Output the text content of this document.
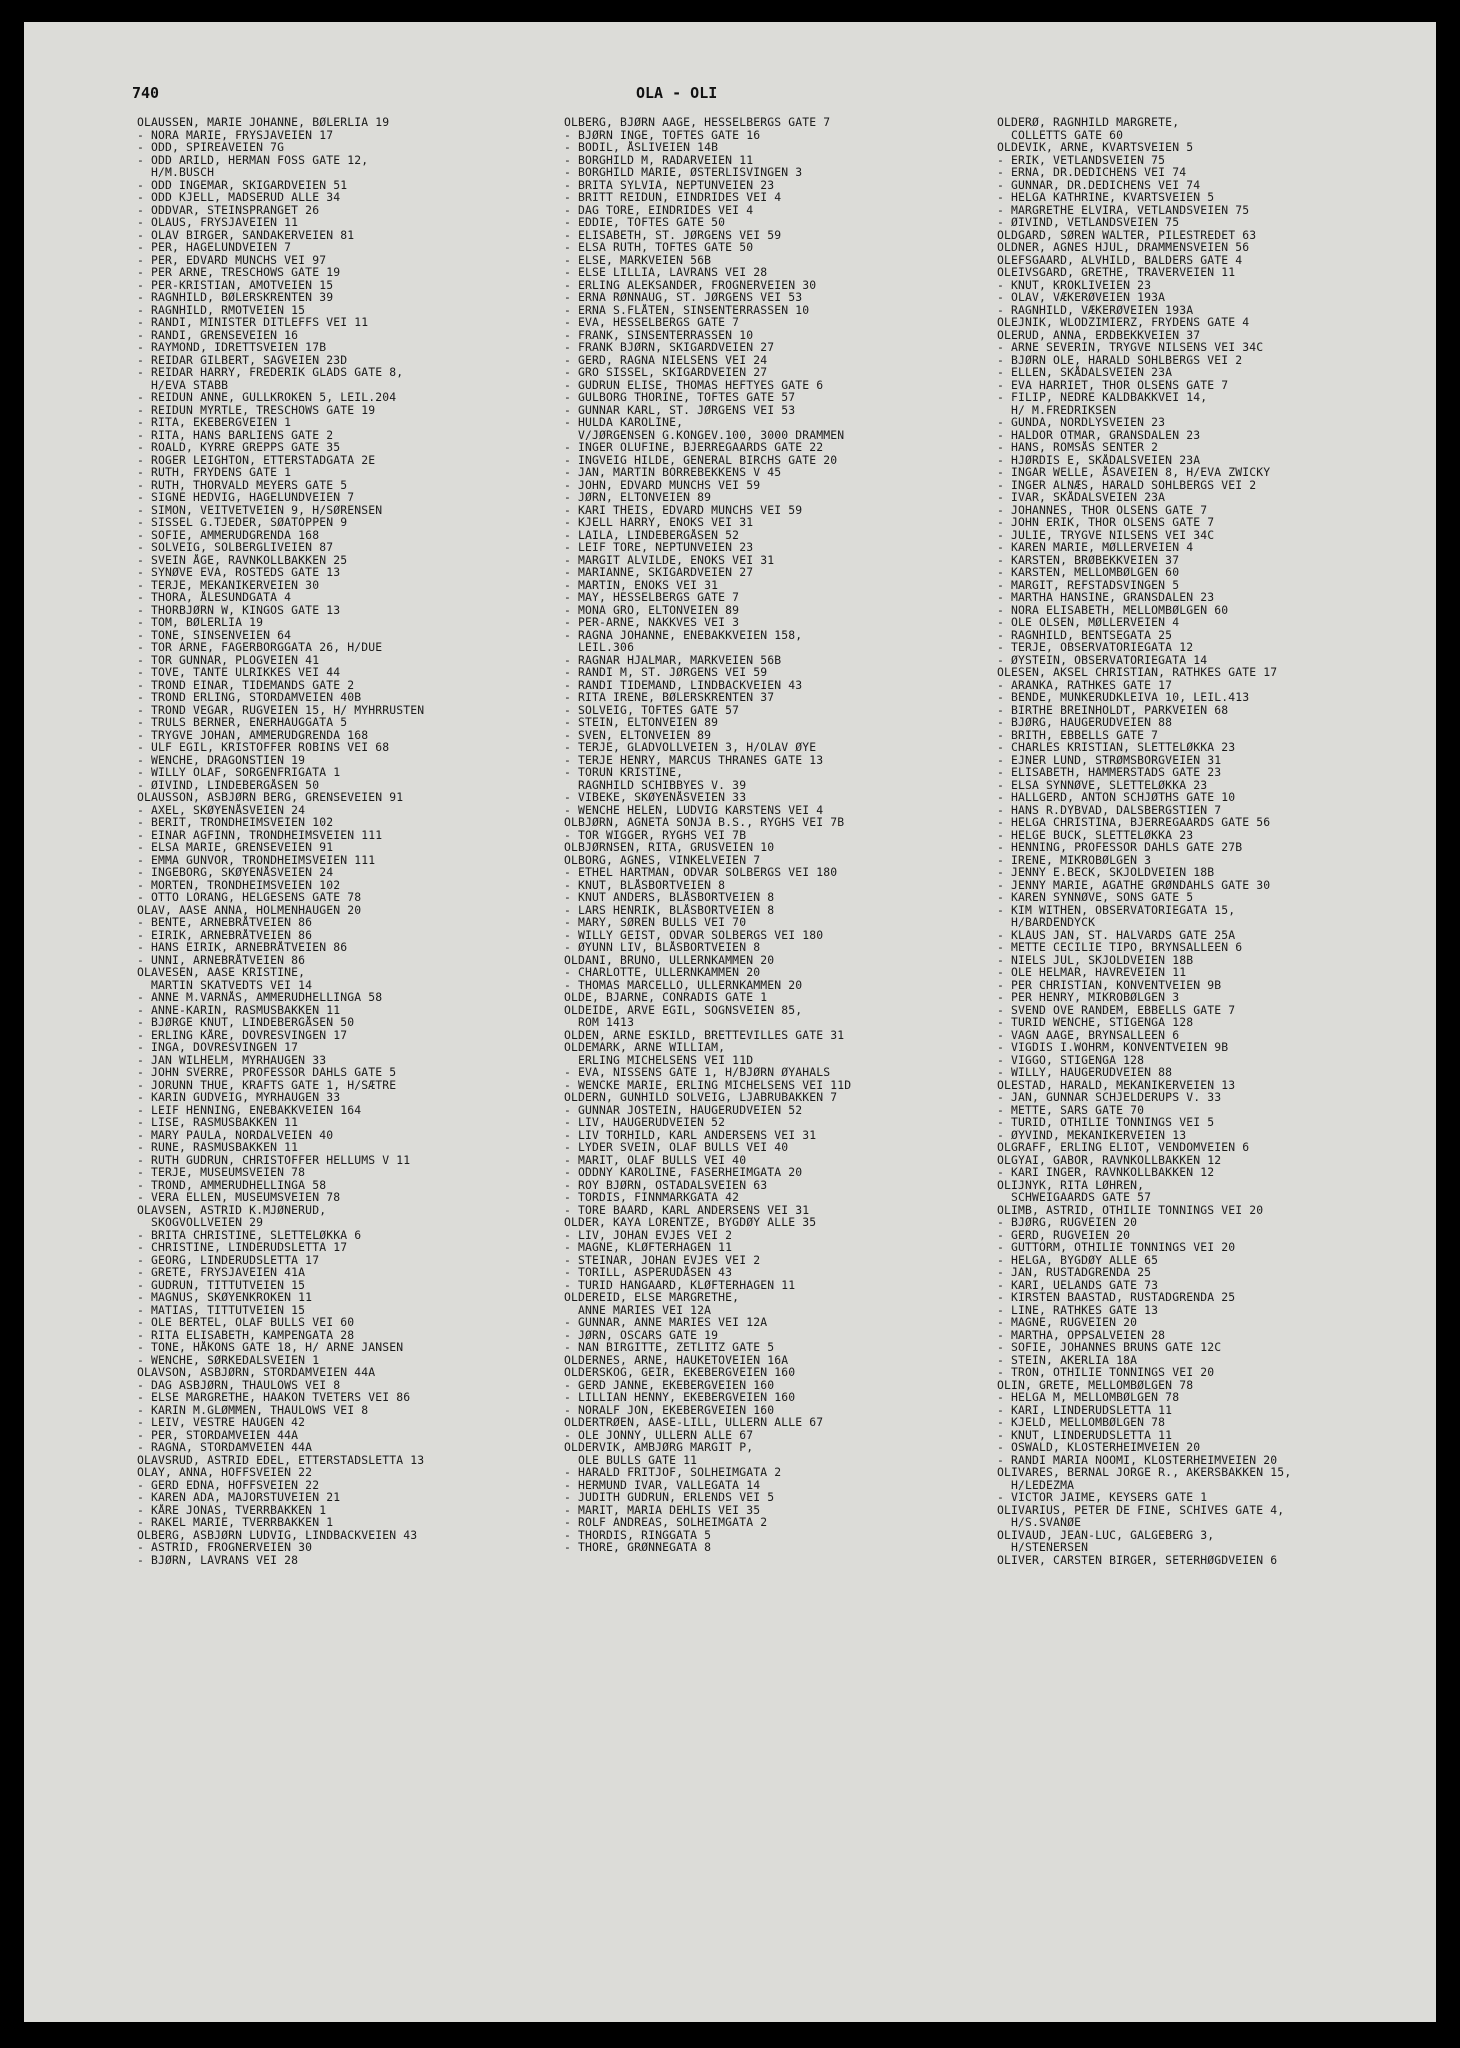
740	OLA - OLI
OLAUSSEN, MARIE JOHANNE, BØLERLIA 19
- NORA MARIE, FRYSJAVEIEN 17
- ODD, SPIREAVEIEN 7G
- ODD ARILD, HERMAN FOSS GATE 12,
H/M.BUSCH
- ODD INGEMAR, SKIGARDVEIEN 51
- ODD KJELL, MADSERUD ALLE 34
- ODDVAR, STEINSPRANGET 26
- OLAUS, FRYSJAVEIEN 11
- OLAV BIRGER, SANDAKERVEIEN 81
- PER, HAGELUNDVEIEN 7
- PER, EDVARD MUNCHS VEI 97
- PER ARNE, TRESCHOWS GATE 19
- PER-KRISTIAN, AMOTVEIEN 15
- RAGNHILD, BØLERSKRENTEN 39
- RAGNHILD, RMOTVEIEN 15
- RANDI, MINISTER DITLEFFS VEI 11
- RANDI, GRENSEVEIEN 16
- RAYMOND, IDRETTSVEIEN 17B
- REIDAR GILBERT, SAGVEIEN 23D
- REIDAR HARRY, FREDERIK GLADS GATE 8,
H/EVA STABB
- REIDUN ANNE, GULLKROKEN 5, LEIL.204
- REIDUN MYRTLE, TRESCHOWS GATE 19
- RITA, EKEBERGVEIEN 1
- RITA, HANS BARLIENS GATE 2
- ROALD, KYRRE GREPPS GATE 35
- ROGER LEIGHTON, ETTERSTADGATA 2E
- RUTH, FRYDENS GATE 1
- RUTH, THORVALD MEYERS GATE 5
- SIGNE HEDVIG, HAGELUNDVEIEN 7
- SIMON, VEITVETVEIEN 9, H/SØRENSEN
- SISSEL G.TJEDER, SØATOPPEN 9
- SOFIE, AMMERUDGRENDA 168
- SOLVEIG, SOLBERGLIVEIEN 87
- SVEIN ÅGE, RAVNKOLLBAKKEN 25
- SYNØVE EVA, ROSTEDS GATE 13
- TERJE, MEKANIKERVEIEN 30
- THORA, ÅLESUNDGATA 4
- THORBJØRN W, KINGOS GATE 13
- TOM, BØLERLIA 19
- TONE, SINSENVEIEN 64
- TOR ARNE, FAGERBORGGATA 26, H/DUE
- TOR GUNNAR, PLOGVEIEN 41
- TOVE, TANTE ULRIKKES VEI 44
- TROND EINAR, TIDEMANDS GATE 2
- TROND ERLING, STORDAMVEIEN 40B
- TROND VEGAR, RUGVEIEN 15, H/ MYHRRUSTEN
- TRULS BERNER, ENERHAUGGATA 5
- TRYGVE JOHAN, AMMERUDGRENDA 168
- ULF EGIL, KRISTOFFER ROBINS VEI 68
- WENCHE, DRAGONSTIEN 19
- WILLY OLAF, SORGENFRIGATA 1
- ØIVIND, LINDEBERGÅSEN 50
OLAUSSON, ASBJØRN BERG, GRENSEVEIEN 91
- AXEL, SKØYENÅSVEIEN 24
- BERIT, TRONDHEIMSVEIEN 102
- EINAR AGFINN, TRONDHEIMSVEIEN 111
- ELSA MARIE, GRENSEVEIEN 91
- EMMA GUNVOR, TRONDHEIMSVEIEN 111
- INGEBORG, SKØYENÅSVEIEN 24
- MORTEN, TRONDHEIMSVEIEN 102
- OTTO LORANG, HELGESENS GATE 78
OLAV, AASE ANNA, HOLMENHAUGEN 20
- BENTE, ARNEBRÅTVEIEN 86
- EIRIK, ARNEBRÅTVEIEN 86
- HANS EIRIK, ARNEBRÅTVEIEN 86
- UNNI, ARNEBRÅTVEIEN 86
OLAVESEN, AASE KRISTINE,
MARTIN SKATVEDTS VEI 14
- ANNE M.VARNÅS, AMMERUDHELLINGA 58
- ANNE-KARIN, RASMUSBAKKEN 11
- BJØRGE KNUT, LINDEBERGÅSEN 50
- ERLING KÅRE, DOVRESVINGEN 17
- INGA, DOVRESVINGEN 17
- JAN WILHELM, MYRHAUGEN 33
- JOHN SVERRE, PROFESSOR DAHLS GATE 5
- JORUNN THUE, KRAFTS GATE 1, H/SÆTRE
- KARIN GUDVEIG, MYRHAUGEN 33
- LEIF HENNING, ENEBAKKVEIEN 164
- LISE, RASMUSBAKKEN 11
- MARY PAULA, NORDALVEIEN 40
- RUNE, RASMUSBAKKEN 11
- RUTH GUDRUN, CHRISTOFFER HELLUMS V 11
- TERJE, MUSEUMSVEIEN 78
- TROND, AMMERUDHELLINGA 58
- VERA ELLEN, MUSEUMSVEIEN 78
OLAVSEN, ASTRID K.MJØNERUD,
SKOGVOLLVEIEN 29
- BRITA CHRISTINE, SLETTELØKKA 6
- CHRISTINE, LINDERUDSLETTA 17
- GEORG, LINDERUDSLETTA 17
- GRETE, FRYSJAVEIEN 41A
- GUDRUN, TITTUTVEIEN 15
- MAGNUS, SKØYENKROKEN 11
- MATIAS, TITTUTVEIEN 15
- OLE BERTEL, OLAF BULLS VEI 60
- RITA ELISABETH, KAMPENGATA 28
- TONE, HÅKONS GATE 18, H/ ARNE JANSEN
- WENCHE, SØRKEDALSVEIEN 1
OLAVSON, ASBJØRN, STORDAMVEIEN 44A
- DAG ASBJØRN, THAULOWS VEI 8
- ELSE MARGRETHE, HAAKON TVETERS VEI 86
- KARIN M.GLØMMEN, THAULOWS VEI 8
- LEIV, VESTRE HAUGEN 42
- PER, STORDAMVEIEN 44A
- RAGNA, STORDAMVEIEN 44A
OLAVSRUD, ASTRID EDEL, ETTERSTADSLETTA 13
OLAY, ANNA, HOFFSVEIEN 22
- GERD EDNA, HOFFSVEIEN 22
- KAREN ADA, MAJORSTUVEIEN 21
- KÅRE JONAS, TVERRBAKKEN 1
- RAKEL MARIE, TVERRBAKKEN 1
OLBERG, ASBJØRN LUDVIG, LINDBACKVEIEN 43
- ASTRID, FROGNERVEIEN 30
- BJØRN, LAVRANS VEI 28
OLBERG, BJØRN AAGE, HESSELBERGS GATE 7
- BJØRN INGE, TOFTES GATE 16
- BODIL, ÅSLIVEIEN 14B
- BORGHILD M, RADARVEIEN 11
- BORGHILD MARIE, ØSTERLISVINGEN 3
- BRITA SYLVIA, NEPTUNVEIEN 23
- BRITT REIDUN, EINDRIDES VEI 4
- DAG TORE, EINDRIDES VEI 4
- EDDIE, TOFTES GATE 50
- ELISABETH, ST. JØRGENS VEI 59
- ELSA RUTH, TOFTES GATE 50
- ELSE, MARKVEIEN 56B
- ELSE LILLIA, LAVRANS VEI 28
- ERLING ALEKSANDER, FROGNERVEIEN 30
- ERNA RØNNAUG, ST. JØRGENS VEI 53
- ERNA S.FLÅTEN, SINSENTERRASSEN 10
- EVA, HESSELBERGS GATE 7
- FRANK, SINSENTERRASSEN 10
- FRANK BJØRN, SKIGARDVEIEN 27
- GERD, RAGNA NIELSENS VEI 24
- GRO SISSEL, SKIGARDVEIEN 27
- GUDRUN ELISE, THOMAS HEFTYES GATE 6
- GULBORG THORINE, TOFTES GATE 57
- GUNNAR KARL, ST. JØRGENS VEI 53
- HULDA KAROLINE,
V/JØRGENSEN G.KONGEV.100, 3000 DRAMMEN
- INGER OLUFINE, BJERREGAARDS GATE 22
- INGVEIG HILDE, GENERAL BIRCHS GATE 20
- JAN, MARTIN BORREBEKKENS V 45
- JOHN, EDVARD MUNCHS VEI 59
- JØRN, ELTONVEIEN 89
- KARI THEIS, EDVARD MUNCHS VEI 59
- KJELL HARRY, ENOKS VEI 31
- LAILA, LINDEBERGÅSEN 52
- LEIF TORE, NEPTUNVEIEN 23
- MARGIT ALVILDE, ENOKS VEI 31
- MARIANNE, SKIGARDVEIEN 27
- MARTIN, ENOKS VEI 31
- MAY, HESSELBERGS GATE 7
- MONA GRO, ELTONVEIEN 89
- PER-ARNE, NAKKVES VEI 3
- RAGNA JOHANNE, ENEBAKKVEIEN 158,
LEIL.306
- RAGNAR HJALMAR, MARKVEIEN 56B
- RANDI M, ST. JØRGENS VEI 59
- RANDI TIDEMAND, LINDBACKVEIEN 43
- RITA IRENE, BØLERSKRENTEN 37
- SOLVEIG, TOFTES GATE 57
- STEIN, ELTONVEIEN 89
- SVEN, ELTONVEIEN 89
- TERJE, GLADVOLLVEIEN 3, H/OLAV ØYE
- TERJE HENRY, MARCUS THRANES GATE 13
- TORUN KRISTINE,
RAGNHILD SCHIBBYES V. 39
- VIBEKE, SKØYENÅSVEIEN 33
- WENCHE HELEN, LUDVIG KARSTENS VEI 4
OLBJØRN, AGNETA SONJA B.S., RYGHS VEI 7B
- TOR WIGGER, RYGHS VEI 7B
OLBJØRNSEN, RITA, GRUSVEIEN 10
OLBORG, AGNES, VINKELVEIEN 7
- ETHEL HARTMAN, ODVAR SOLBERGS VEI 180
- KNUT, BLÅSBORTVEIEN 8
- KNUT ANDERS, BLÅSBORTVEIEN 8
- LARS HENRIK, BLÅSBORTVEIEN 8
- MARY, SØREN BULLS VEI 70
- WILLY GEIST, ODVAR SOLBERGS VEI 180
- ØYUNN LIV, BLÅSBORTVEIEN 8
OLDANI, BRUNO, ULLERNKAMMEN 20
- CHARLOTTE, ULLERNKAMMEN 20
- THOMAS MARCELLO, ULLERNKAMMEN 20
OLDE, BJARNE, CONRADIS GATE 1
OLDEIDE, ARVE EGIL, SOGNSVEIEN 85,
ROM 1413
OLDEN, ARNE ESKILD, BRETTEVILLES GATE 31
OLDEMARK, ARNE WILLIAM,
ERLING MICHELSENS VEI 11D
- EVA, NISSENS GATE 1, H/BJØRN ØYAHALS
- WENCKE MARIE, ERLING MICHELSENS VEI 11D
OLDERN, GUNHILD SOLVEIG, LJABRUBAKKEN 7
- GUNNAR JOSTEIN, HAUGERUDVEIEN 52
- LIV, HAUGERUDVEIEN 52
- LIV TORHILD, KARL ANDERSENS VEI 31
- LYDER SVEIN, OLAF BULLS VEI 40
- MARIT, OLAF BULLS VEI 40
- ODDNY KAROLINE, FASERHEIMGATA 20
- ROY BJØRN, OSTADALSVEIEN 63
- TORDIS, FINNMARKGATA 42
- TORE BAARD, KARL ANDERSENS VEI 31
OLDER, KAYA LORENTZE, BYGDØY ALLE 35
- LIV, JOHAN EVJES VEI 2
- MAGNE, KLØFTERHAGEN 11
- STEINAR, JOHAN EVJES VEI 2
- TORILL, ASPERUDÅSEN 43
- TURID HANGAARD, KLØFTERHAGEN 11
OLDEREID, ELSE MARGRETHE,
ANNE MARIES VEI 12A
- GUNNAR, ANNE MARIES VEI 12A
- JØRN, OSCARS GATE 19
- NAN BIRGITTE, ZETLITZ GATE 5
OLDERNES, ARNE, HAUKETOVEIEN 16A
OLDERSKOG, GEIR, EKEBERGVEIEN 160
- GERD JANNE, EKEBERGVEIEN 160
- LILLIAN HENNY, EKEBERGVEIEN 160
- NORALF JON, EKEBERGVEIEN 160
OLDERTRØEN, AASE-LILL, ULLERN ALLE 67
- OLE JONNY, ULLERN ALLE 67
OLDERVIK, AMBJØRG MARGIT P,
OLE BULLS GATE 11
- HARALD FRITJOF, SOLHEIMGATA 2
- HERMUND IVAR, VALLEGATA 14
- JUDITH GUDRUN, ERLENDS VEI 5
- MARIT, MARIA DEHLIS VEI 35
- ROLF ANDREAS, SOLHEIMGATA 2
- THORDIS, RINGGATA 5
- THORE, GRØNNEGATA 8
OLDERØ, RAGNHILD MARGRETE,
COLLETTS GATE 60
OLDEVIK, ARNE, KVARTSVEIEN 5
- ERIK, VETLANDSVEIEN 75
- ERNA, DR.DEDICHENS VEI 74
- GUNNAR, DR.DEDICHENS VEI 74
- HELGA KATHRINE, KVARTSVEIEN 5
- MARGRETHE ELVIRA, VETLANDSVEIEN 75
- ØIVIND, VETLANDSVEIEN 75
OLDGARD, SØREN WALTER, PILESTREDET 63
OLDNER, AGNES HJUL, DRAMMENSVEIEN 56
OLEFSGAARD, ALVHILD, BALDERS GATE 4
OLEIVSGARD, GRETHE, TRAVERVEIEN 11
- KNUT, KROKLIVEIEN 23
- OLAV, VÆKERØVEIEN 193A
- RAGNHILD, VÆKERØVEIEN 193A
OLEJNIK, WLODZIMIERZ, FRYDENS GATE 4
OLERUD, ANNA, ERDBEKKVEIEN 37
- ARNE SEVERIN, TRYGVE NILSENS VEI 34C
- BJØRN OLE, HARALD SOHLBERGS VEI 2
- ELLEN, SKÅDALSVEIEN 23A
- EVA HARRIET, THOR OLSENS GATE 7
- FILIP, NEDRE KALDBAKKVEI 14,
H/ M.FREDRIKSEN
- GUNDA, NORDLYSVEIEN 23
- HALDOR OTMAR, GRANSDALEN 23
- HANS, ROMSÅS SENTER 2
- HJØRDIS E, SKÅDALSVEIEN 23A
- INGAR WELLE, ÅSAVEIEN 8, H/EVA ZWICKY
- INGER ALNÆS, HARALD SOHLBERGS VEI 2
- IVAR, SKÅDALSVEIEN 23A
- JOHANNES, THOR OLSENS GATE 7
- JOHN ERIK, THOR OLSENS GATE 7
- JULIE, TRYGVE NILSENS VEI 34C
- KAREN MARIE, MØLLERVEIEN 4
- KARSTEN, BRØBEKKVEIEN 37
- KARSTEN, MELLOMBØLGEN 60
- MARGIT, REFSTADSVINGEN 5
- MARTHA HANSINE, GRANSDALEN 23
- NORA ELISABETH, MELLOMBØLGEN 60
- OLE OLSEN, MØLLERVEIEN 4
- RAGNHILD, BENTSEGATA 25
- TERJE, OBSERVATORIEGATA 12
- ØYSTEIN, OBSERVATORIEGATA 14
OLESEN, AKSEL CHRISTIAN, RATHKES GATE 17
- ARANKA, RATHKES GATE 17
- BENDE, MUNKERUDKLEIVA 10, LEIL.413
- BIRTHE BREINHOLDT, PARKVEIEN 68
- BJØRG, HAUGERUDVEIEN 88
- BRITH, EBBELLS GATE 7
- CHARLES KRISTIAN, SLETTELØKKA 23
- EJNER LUND, STRØMSBORGVEIEN 31
- ELISABETH, HAMMERSTADS GATE 23
- ELSA SYNNØVE, SLETTELØKKA 23
- HALLGERD, ANTON SCHJØTHS GATE 10
- HANS R.DYBVAD, DALSBERGSTIEN 7
- HELGA CHRISTINA, BJERREGAARDS GATE 56
- HELGE BUCK, SLETTELØKKA 23
- HENNING, PROFESSOR DAHLS GATE 27B
- IRENE, MIKROBØLGEN 3
- JENNY E.BECK, SKJOLDVEIEN 18B
- JENNY MARIE, AGATHE GRØNDAHLS GATE 30
- KAREN SYNNØVE, SONS GATE 5
- KIM WITHEN, OBSERVATORIEGATA 15,
H/BARDENDYCK
- KLAUS JAN, ST. HALVARDS GATE 25A
- METTE CECILIE TIPO, BRYNSALLEEN 6
- NIELS JUL, SKJOLDVEIEN 18B
- OLE HELMAR, HAVREVEIEN 11
- PER CHRISTIAN, KONVENTVEIEN 9B
- PER HENRY, MIKROBØLGEN 3
- SVEND OVE RANDEM, EBBELLS GATE 7
- TURID WENCHE, STIGENGA 128
- VAGN AAGE, BRYNSALLEEN 6
- VIGDIS I.WOHRM, KONVENTVEIEN 9B
- VIGGO, STIGENGA 128
- WILLY, HAUGERUDVEIEN 88
OLESTAD, HARALD, MEKANIKERVEIEN 13
- JAN, GUNNAR SCHJELDERUPS V. 33
- METTE, SARS GATE 70
- TURID, OTHILIE TONNINGS VEI 5
- ØYVIND, MEKANIKERVEIEN 13
OLGRAFF, ERLING ELIOT, VENDOMVEIEN 6
OLGYAI, GABOR, RAVNKOLLBAKKEN 12
- KARI INGER, RAVNKOLLBAKKEN 12
OLIJNYK, RITA LØHREN,
SCHWEIGAARDS GATE 57
OLIMB, ASTRID, OTHILIE TONNINGS VEI 20
- BJØRG, RUGVEIEN 20
- GERD, RUGVEIEN 20
- GUTTORM, OTHILIE TONNINGS VEI 20
- HELGA, BYGDØY ALLE 65
- JAN, RUSTADGRENDA 25
- KARI, UELANDS GATE 73
- KIRSTEN BAASTAD, RUSTADGRENDA 25
- LINE, RATHKES GATE 13
- MAGNE, RUGVEIEN 20
- MARTHA, OPPSALVEIEN 28
- SOFIE, JOHANNES BRUNS GATE 12C
- STEIN, AKERLIA 18A
- TRON, OTHILIE TONNINGS VEI 20
OLIN, GRETE, MELLOMBØLGEN 78
- HELGA M, MELLOMBØLGEN 78
- KARI, LINDERUDSLETTA 11
- KJELD, MELLOMBØLGEN 78
- KNUT, LINDERUDSLETTA 11
- OSWALD, KLOSTERHEIMVEIEN 20
- RANDI MARIA NOOMI, KLOSTERHEIMVEIEN 20
OLIVARES, BERNAL JORGE R., AKERSBAKKEN 15,
H/LEDEZMA
- VICTOR JAIME, KEYSERS GATE 1
OLIVARIUS, PETER DE FINE, SCHIVES GATE 4,
H/S.SVANØE
OLIVAUD, JEAN-LUC, GALGEBERG 3,
H/STENERSEN
OLIVER, CARSTEN BIRGER, SETERHØGDVEIEN 6
